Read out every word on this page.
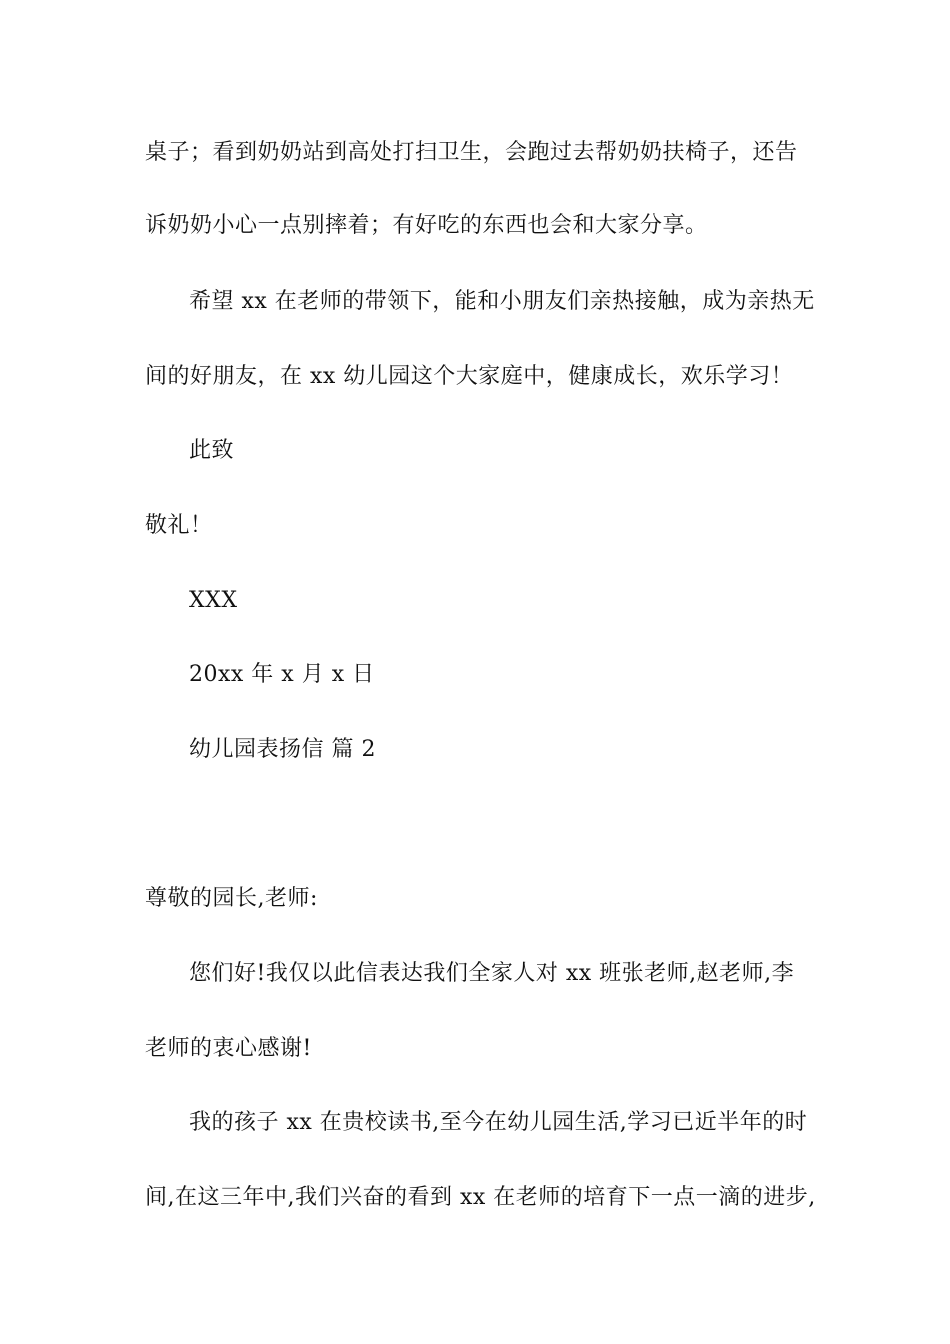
桌子；看到奶奶站到高处打扫卫生，会跑过去帮奶奶扶椅子，还告
诉奶奶小心一点别摔着；有好吃的东西也会和大家分享。
希望 xx 在老师的带领下，能和小朋友们亲热接触，成为亲热无
间的好朋友，在 xx 幼儿园这个大家庭中，健康成长，欢乐学习！
此致
敬礼！
XXX
20xx 年 x 月 x 日
幼儿园表扬信 篇 2
尊敬的园长,老师:
您们好!我仅以此信表达我们全家人对 xx 班张老师,赵老师,李
老师的衷心感谢!
我的孩子 xx 在贵校读书,至今在幼儿园生活,学习已近半年的时
间,在这三年中,我们兴奋的看到 xx 在老师的培育下一点一滴的进步,
